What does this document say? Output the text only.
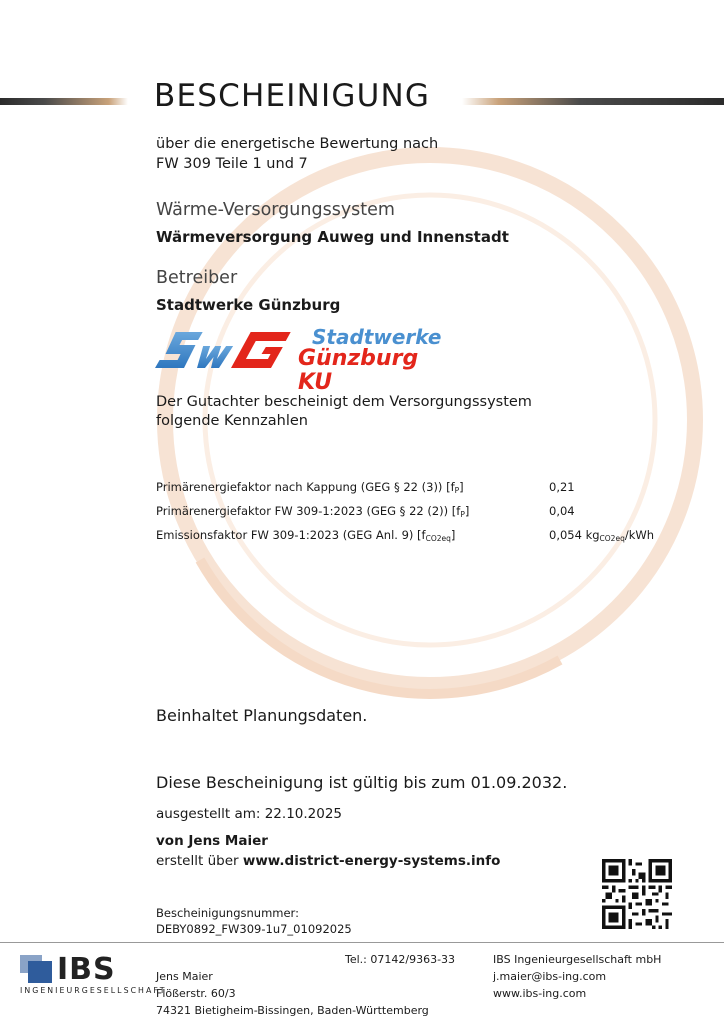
BESCHEINIGUNG
über die energetische Bewertung nach
FW 309 Teile 1 und 7
Wärme-Versorgungssystem
Wärmeversorgung Auweg und Innenstadt
Betreiber
Stadtwerke Günzburg
Stadtwerke
Günzburg KU
Der Gutachter bescheinigt dem Versorgungssystem
folgende Kennzahlen
Primärenergiefaktor nach Kappung (GEG § 22 (3)) $[f_P]$	0,21
Primärenergiefaktor FW 309-1:2023 (GEG § 22 (2)) $[f_P]$	0,04
Emissionsfaktor FW 309-1:2023 (GEG Anl. 9) $[f_{CO2eq}]$	0,054 $kg_{CO2eq}$/kWh
Beinhaltet Planungsdaten.
Diese Bescheinigung ist gültig bis zum 01.09.2032.
ausgestellt am: 22.10.2025
von Jens Maier
erstellt über www.district-energy-systems.info
Bescheinigungsnummer:
DEBY0892_FW309-1u7_01092025
IBS
INGENIEURGESELLSCHAFT
Jens Maier
Flößerstr. 60/3
74321 Bietigheim-Bissingen, Baden-Württemberg
Tel.: 07142/9363-33	IBS Ingenieurgesellschaft mbH
j.maier@ibs-ing.com
www.ibs-ing.com
